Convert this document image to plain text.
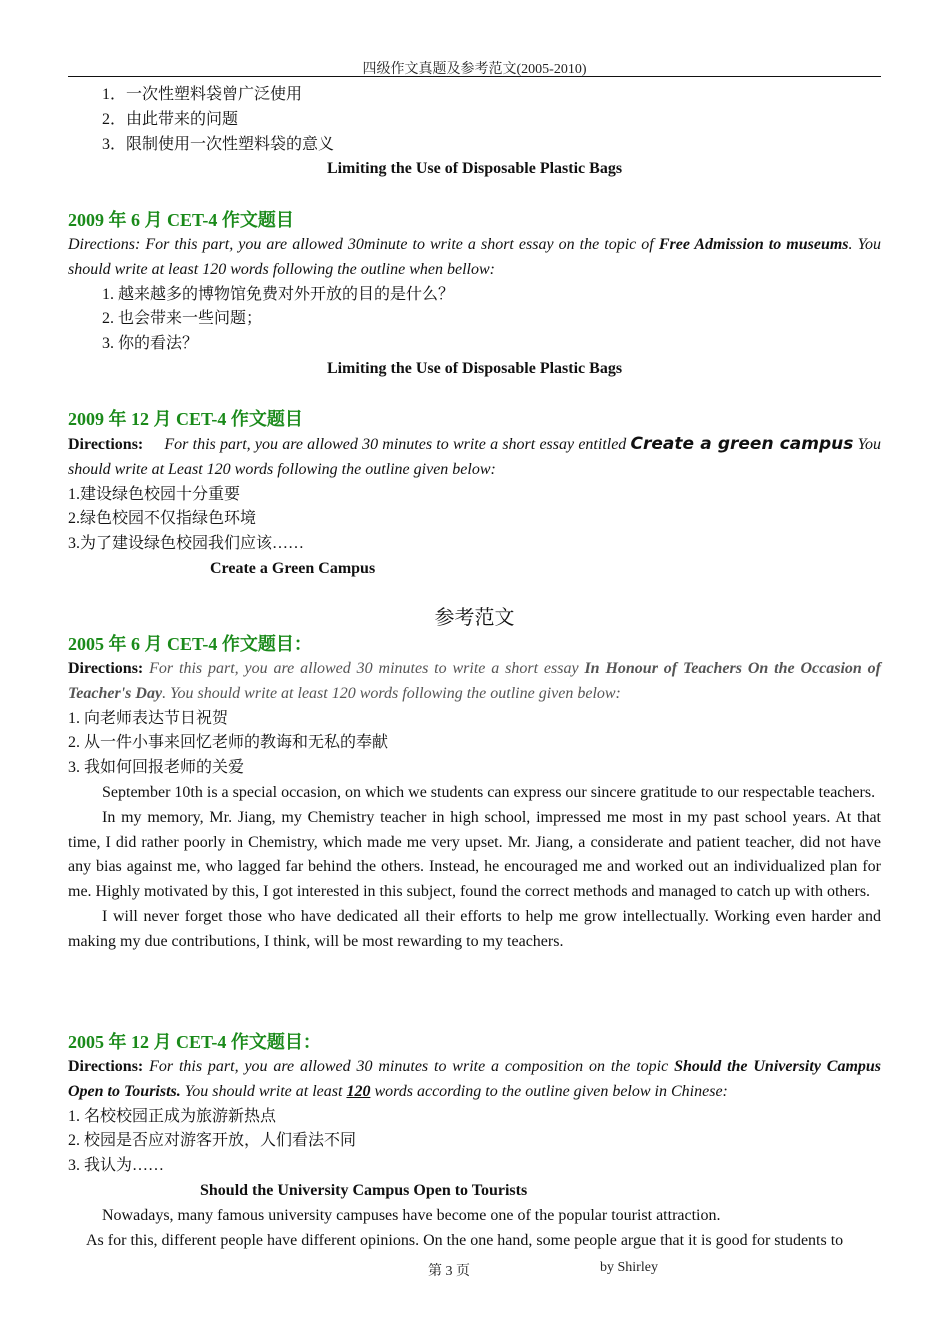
四级作文真题及参考范文(2005-2010)

1．一次性塑料袋曾广泛使用

2．由此带来的问题

3．限制使用一次性塑料袋的意义

Limiting the Use of Disposable Plastic Bags

2009 年 6 月 CET-4 作文题目

Directions: For this part, you are allowed 30minute to write a short essay on the topic of Free Admission to museums. You should write at least 120 words following the outline when bellow:

1. 越来越多的博物馆免费对外开放的目的是什么？

2. 也会带来一些问题；

3. 你的看法？

Limiting the Use of Disposable Plastic Bags

2009 年 12 月 CET-4 作文题目

Directions: For this part, you are allowed 30 minutes to write a short essay entitled Create a green campus You should write at Least 120 words following the outline given below:

1.建设绿色校园十分重要

2.绿色校园不仅指绿色环境

3.为了建设绿色校园我们应该……

Create a Green Campus

参考范文
2005 年 6 月 CET-4 作文题目：

Directions: For this part, you are allowed 30 minutes to write a short essay In Honour of Teachers On the Occasion of Teacher's Day. You should write at least 120 words following the outline given below:

1. 向老师表达节日祝贺

2. 从一件小事来回忆老师的教诲和无私的奉献

3. 我如何回报老师的关爱

September 10th is a special occasion, on which we students can express our sincere gratitude to our respectable teachers.

In my memory, Mr. Jiang, my Chemistry teacher in high school, impressed me most in my past school years. At that time, I did rather poorly in Chemistry, which made me very upset. Mr. Jiang, a considerate and patient teacher, did not have any bias against me, who lagged far behind the others. Instead, he encouraged me and worked out an individualized plan for me. Highly motivated by this, I got interested in this subject, found the correct methods and managed to catch up with others.

I will never forget those who have dedicated all their efforts to help me grow intellectually. Working even harder and making my due contributions, I think, will be most rewarding to my teachers.

2005 年 12 月 CET-4 作文题目：

Directions: For this part, you are allowed 30 minutes to write a composition on the topic Should the University Campus Open to Tourists. You should write at least 120 words according to the outline given below in Chinese:

1. 名校校园正成为旅游新热点

2. 校园是否应对游客开放，人们看法不同

3. 我认为……

Should the University Campus Open to Tourists

Nowadays, many famous university campuses have become one of the popular tourist attraction.

As for this, different people have different opinions. On the one hand, some people argue that it is good for students to

第 3 页	by Shirley
